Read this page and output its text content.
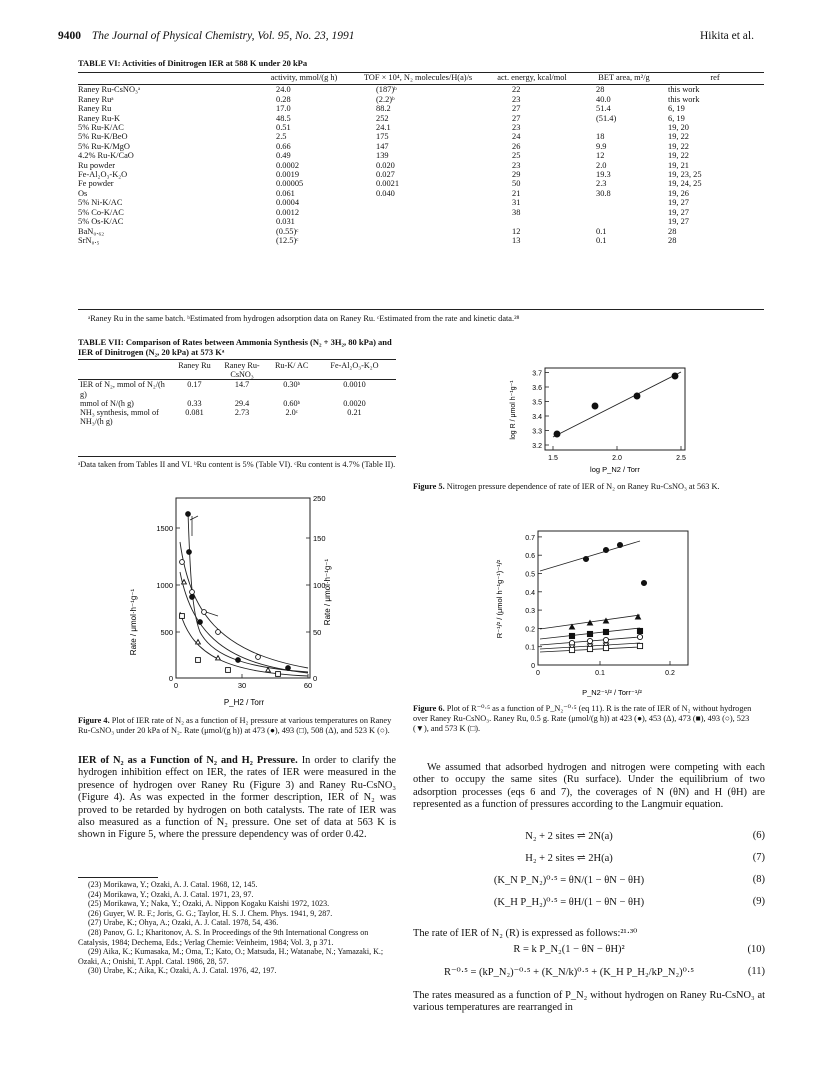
9400 The Journal of Physical Chemistry, Vol. 95, No. 23, 1991	Hikita et al.
TABLE VI: Activities of Dinitrogen IER at 588 K under 20 kPa
	activity, mmol/(g h)	TOF × 10⁴, N₂ molecules/H(a)/s	act. energy, kcal/mol	BET area, m²/g	ref
Raney Ru-CsNO₃ᵃ	24.0	(187)ᵇ	22	28	this work
Raney Ruᵃ	0.28	(2.2)ᵇ	23	40.0	this work
Raney Ru	17.0	88.2	27	51.4	6, 19
Raney Ru-K	48.5	252	27	(51.4)	6, 19
5% Ru-K/AC	0.51	24.1	23		19, 20
5% Ru-K/BeO	2.5	175	24	18	19, 22
5% Ru-K/MgO	0.66	147	26	9.9	19, 22
4.2% Ru-K/CaO	0.49	139	25	12	19, 22
Ru powder	0.0002	0.020	23	2.0	19, 21
Fe-Al₂O₃-K₂O	0.0019	0.027	29	19.3	19, 23, 25
Fe powder	0.00005	0.0021	50	2.3	19, 24, 25
Os	0.061	0.040	21	30.8	19, 26
5% Ni-K/AC	0.0004		31		19, 27
5% Co-K/AC	0.0012		38		19, 27
5% Os-K/AC	0.031				19, 27
BaN₀.₆₂	(0.55)ᶜ		12	0.1	28
SrN₀.₅	(12.5)ᶜ		13	0.1	28
ᵃRaney Ru in the same batch. ᵇEstimated from hydrogen adsorption data on Raney Ru. ᶜEstimated from the rate and kinetic data.²⁸
TABLE VII: Comparison of Rates between Ammonia Synthesis (N₂ + 3H₂, 80 kPa) and IER of Dinitrogen (N₂, 20 kPa) at 573 Kᵃ
	Raney Ru	Raney Ru-CsNO₃	Ru-K/ AC	Fe-Al₂O₃-K₂O
IER of N₂, mmol of N₂/(h g)	0.17	14.7	0.30ᵇ	0.0010
mmol of N/(h g)	0.33	29.4	0.60ᵇ	0.0020
NH₃ synthesis, mmol of NH₃/(h g)	0.081	2.73	2.0ᶜ	0.21
ᵃData taken from Tables II and VI. ᵇRu content is 5% (Table VI). ᶜRu content is 4.7% (Table II).
0
500
1000
1500
0
50
100
150
250
0	30	60
Rate / μmol·h⁻¹g⁻¹	Rate / μmol·h⁻¹g⁻¹
P_H2 / Torr
Figure 4. Plot of IER rate of N₂ as a function of H₂ pressure at various temperatures on Raney Ru-CsNO₃ under 20 kPa of N₂. Rate (μmol/(g h)) at 473 (●), 493 (□), 508 (Δ), and 523 K (○).
IER of N₂ as a Function of N₂ and H₂ Pressure. In order to clarify the hydrogen inhibition effect on IER, the rates of IER were measured in the presence of hydrogen over Raney Ru (Figure 3) and Raney Ru-CsNO₃ (Figure 4). As was expected in the former description, IER of N₂ was proved to be retarded by hydrogen on both catalysts. The rate of IER was also measured as a function of N₂ pressure. One set of data at 563 K is shown in Figure 5, where the pressure dependency was of order 0.42.
(23) Morikawa, Y.; Ozaki, A. J. Catal. 1968, 12, 145.
(24) Morikawa, Y.; Ozaki, A. J. Catal. 1971, 23, 97.
(25) Morikawa, Y.; Naka, Y.; Ozaki, A. Nippon Kogaku Kaishi 1972, 1023.
(26) Guyer, W. R. F.; Joris, G. G.; Taylor, H. S. J. Chem. Phys. 1941, 9, 287.
(27) Urabe, K.; Ohya, A.; Ozaki, A. J. Catal. 1978, 54, 436.
(28) Panov, G. I.; Kharitonov, A. S. In Proceedings of the 9th International Congress on Catalysis, 1984; Dechema, Eds.; Verlag Chemie: Veinheim, 1984; Vol. 3, p 371.
(29) Aika, K.; Kumasaka, M.; Oma, T.; Kato, O.; Matsuda, H.; Watanabe, N.; Yamazaki, K.; Ozaki, A.; Onishi, T. Appl. Catal. 1986, 28, 57.
(30) Urabe, K.; Aika, K.; Ozaki, A. J. Catal. 1976, 42, 197.
3.2
3.3
3.4
3.5
3.6
3.7
1.5	2.0	2.5
log R / μmol h⁻¹g⁻¹
log P_N2 / Torr
Figure 5. Nitrogen pressure dependence of rate of IER of N₂ on Raney Ru-CsNO₃ at 563 K.
0
0.1
0.2
0.3
0.4
0.5
0.6
0.7
0	0.1	0.2
R⁻¹/² / (μmol h⁻¹g⁻¹)⁻¹/²
P_N2⁻¹/² / Torr⁻¹/²
Figure 6. Plot of R⁻⁰·⁵ as a function of P_N₂⁻⁰·⁵ (eq 11). R is the rate of IER of N₂ without hydrogen over Raney Ru-CsNO₃. Raney Ru, 0.5 g. Rate (μmol/(g h)) at 423 (●), 453 (Δ), 473 (■), 493 (○), 523 (▼), and 573 K (□).
We assumed that adsorbed hydrogen and nitrogen were competing with each other to occupy the same sites (Ru surface). Under the equilibrium of two adsorption processes (eqs 6 and 7), the coverages of N (θN) and H (θH) are represented as a function of pressures according to the Langmuir equation.
N₂ + 2 sites ⇌ 2N(a)	(6)
H₂ + 2 sites ⇌ 2H(a)	(7)
(K_N P_N₂)⁰·⁵ = θN/(1 − θN − θH)	(8)
(K_H P_H₂)⁰·⁵ = θH/(1 − θN − θH)	(9)
The rate of IER of N₂ (R) is expressed as follows:²¹·³⁰
R = k P_N₂(1 − θN − θH)²	(10)
R⁻⁰·⁵ = (kP_N₂)⁻⁰·⁵ + (K_N/k)⁰·⁵ + (K_H P_H₂/kP_N₂)⁰·⁵	(11)
The rates measured as a function of P_N₂ without hydrogen on Raney Ru-CsNO₃ at various temperatures are rearranged in
